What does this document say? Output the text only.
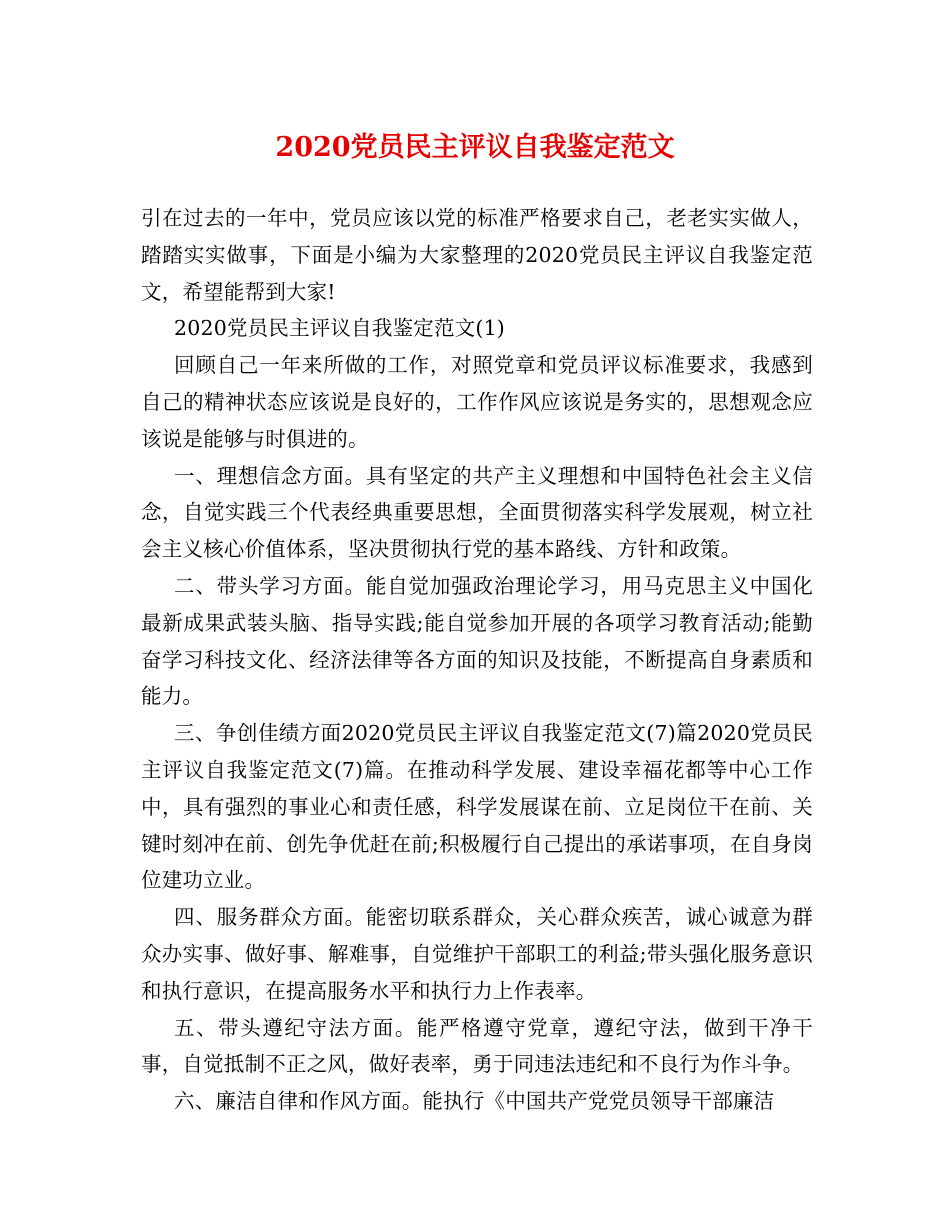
2020党员民主评议自我鉴定范文

引在过去的一年中，党员应该以党的标准严格要求自己，老老实实做人，踏踏实实做事，下面是小编为大家整理的2020党员民主评议自我鉴定范文，希望能帮到大家!

2020党员民主评议自我鉴定范文(1)

回顾自己一年来所做的工作，对照党章和党员评议标准要求，我感到自己的精神状态应该说是良好的，工作作风应该说是务实的，思想观念应该说是能够与时俱进的。

一、理想信念方面。具有坚定的共产主义理想和中国特色社会主义信念，自觉实践三个代表经典重要思想，全面贯彻落实科学发展观，树立社会主义核心价值体系，坚决贯彻执行党的基本路线、方针和政策。

二、带头学习方面。能自觉加强政治理论学习，用马克思主义中国化最新成果武装头脑、指导实践;能自觉参加开展的各项学习教育活动;能勤奋学习科技文化、经济法律等各方面的知识及技能，不断提高自身素质和能力。

三、争创佳绩方面2020党员民主评议自我鉴定范文(7)篇2020党员民主评议自我鉴定范文(7)篇。在推动科学发展、建设幸福花都等中心工作中，具有强烈的事业心和责任感，科学发展谋在前、立足岗位干在前、关键时刻冲在前、创先争优赶在前;积极履行自己提出的承诺事项，在自身岗位建功立业。

四、服务群众方面。能密切联系群众，关心群众疾苦，诚心诚意为群众办实事、做好事、解难事，自觉维护干部职工的利益;带头强化服务意识和执行意识，在提高服务水平和执行力上作表率。

五、带头遵纪守法方面。能严格遵守党章，遵纪守法，做到干净干事，自觉抵制不正之风，做好表率，勇于同违法违纪和不良行为作斗争。

六、廉洁自律和作风方面。能执行《中国共产党党员领导干部廉洁
